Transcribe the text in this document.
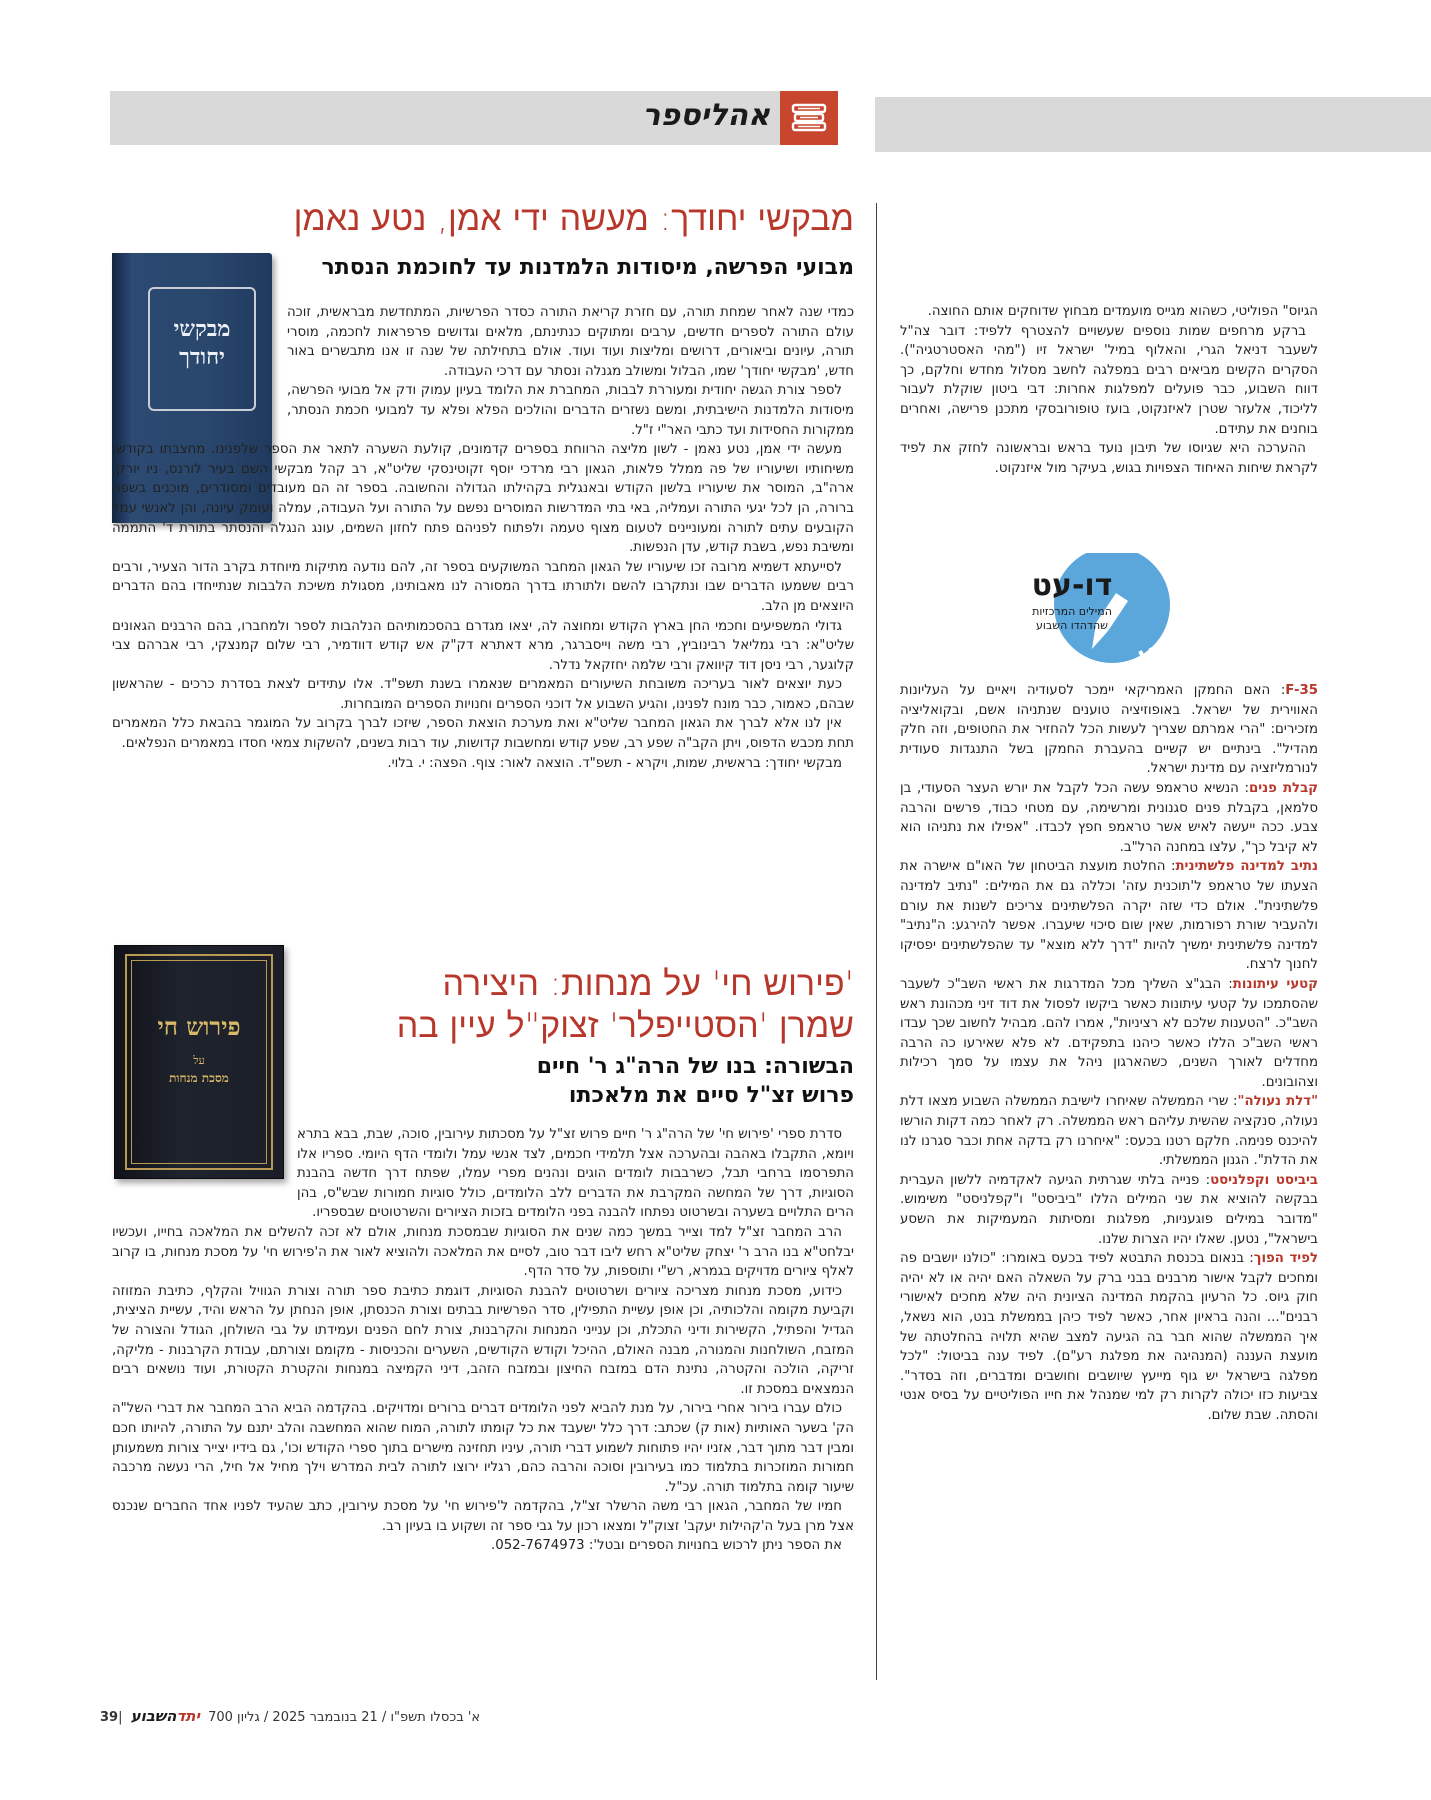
אהליספר
מבקשי יחודך: מעשה ידי אמן, נטע נאמן
מבועי הפרשה, מיסודות הלמדנות עד לחוכמת הנסתר
מבקשי יחודך

כמדי שנה לאחר שמחת תורה, עם חזרת קריאת התורה כסדר הפרשיות, המתחדשת מבראשית, זוכה עולם התורה לספרים חדשים, ערבים ומתוקים כנתינתם, מלאים וגדושים פרפראות לחכמה, מוסרי תורה, עיונים וביאורים, דרושים ומליצות ועוד ועוד. אולם בתחילתה של שנה זו אנו מתבשרים באור חדש, 'מבקשי יחודך' שמו, הבלול ומשולב מגנלה ונסתר עם דרכי העבודה.

לספר צורת הגשה יחודית ומעוררת לבבות, המחברת את הלומד בעיון עמוק ודק אל מבועי הפרשה, מיסודות הלמדנות הישיבתית, ומשם נשזרים הדברים והולכים הפלא ופלא עד למבועי חכמת הנסתר, ממקורות החסידות ועד כתבי האר"י ז"ל.

מעשה ידי אמן, נטע נאמן - לשון מליצה הרווחת בספרים קדמונים, קולעת השערה לתאר את הספר שלפנינו. מחצבתו בקודש, משיחותיו ושיעוריו של פה ממלל פלאות, הגאון רבי מרדכי יוסף זקוטינסקי שליט"א, רב קהל מבקשי השם בעיר לורנס, ניו יורק, ארה"ב, המוסר את שיעוריו בלשון הקודש ובאנגלית בקהילתו הגדולה והחשובה. בספר זה הם מעובדים ומסודרים, מוכנים בשפה ברורה, הן לכל יגעי התורה ועמליה, באי בתי המדרשות המוסרים נפשם על התורה ועל העבודה, עמלה ועומק עיונה, והן לאנשי עמל הקובעים עתים לתורה ומעוניינים לטעום מצוף טעמה ולפתוח לפניהם פתח לחזון השמים, עונג הנגלה והנסתר בתורת ד' התממה ומשיבת נפש, בשבת קודש, עדן הנפשות.

לסייעתא דשמיא מרובה זכו שיעוריו של הגאון המחבר המשוקעים בספר זה, להם נודעה מתיקות מיוחדת בקרב הדור הצעיר, ורבים רבים ששמעו הדברים שבו ונתקרבו להשם ולתורתו בדרך המסורה לנו מאבותינו, מסגולת משיכת הלבבות שנתייחדו בהם הדברים היוצאים מן הלב.

גדולי המשפיעים וחכמי החן בארץ הקודש ומחוצה לה, יצאו מגדרם בהסכמותיהם הנלהבות לספר ולמחברו, בהם הרבנים הגאונים שליט"א: רבי גמליאל רבינוביץ, רבי משה וייסברגר, מרא דאתרא דק"ק אש קודש דוודמיר, רבי שלום קמנצקי, רבי אברהם צבי קלוגער, רבי ניסן דוד קיוואק ורבי שלמה יחזקאל נדלר.

כעת יוצאים לאור בעריכה משובחת השיעורים המאמרים שנאמרו בשנת תשפ"ד. אלו עתידים לצאת בסדרת כרכים - שהראשון שבהם, כאמור, כבר מונח לפנינו, והגיע השבוע אל דוכני הספרים וחנויות הספרים המובחרות.

אין לנו אלא לברך את הגאון המחבר שליט"א ואת מערכת הוצאת הספר, שיזכו לברך בקרוב על המוגמר בהבאת כלל המאמרים תחת מכבש הדפוס, ויתן הקב"ה שפע רב, שפע קודש ומחשבות קדושות, עוד רבות בשנים, להשקות צמאי חסדו במאמרים הנפלאים.

מבקשי יחודך: בראשית, שמות, ויקרא - תשפ"ד. הוצאה לאור: צוף. הפצה: י. בלוי.

'פירוש חי' על מנחות: היצירה
שמרן 'הסטייפלר' זצוק"ל עיין בה
הבשורה: בנו של הרה"ג ר' חיים
פרוש זצ"ל סיים את מלאכתו
פירוש חי
על
מסכת מנחות

סדרת ספרי 'פירוש חי' של הרה"ג ר' חיים פרוש זצ"ל על מסכתות עירובין, סוכה, שבת, בבא בתרא ויומא, התקבלו באהבה ובהערכה אצל תלמידי חכמים, לצד אנשי עמל ולומדי הדף היומי. ספריו אלו התפרסמו ברחבי תבל, כשרבבות לומדים הוגים ונהנים מפרי עמלו, שפתח דרך חדשה בהבנת הסוגיות, דרך של המחשה המקרבת את הדברים ללב הלומדים, כולל סוגיות חמורות שבש"ס, בהן הרים התלויים בשערה ובשרטוט נפתחו להבנה בפני הלומדים בזכות הציורים והשרטוטים שבספריו.

הרב המחבר זצ"ל למד וצייר במשך כמה שנים את הסוגיות שבמסכת מנחות, אולם לא זכה להשלים את המלאכה בחייו, ועכשיו יבלחט"א בנו הרב ר' יצחק שליט"א רחש ליבו דבר טוב, לסיים את המלאכה ולהוציא לאור את ה'פירוש חי' על מסכת מנחות, בו קרוב לאלף ציורים מדויקים בגמרא, רש"י ותוספות, על סדר הדף.

כידוע, מסכת מנחות מצריכה ציורים ושרטוטים להבנת הסוגיות, דוגמת כתיבת ספר תורה וצורת הגוויל והקלף, כתיבת המזוזה וקביעת מקומה והלכותיה, וכן אופן עשיית התפילין, סדר הפרשיות בבתים וצורת הכנסתן, אופן הנחתן על הראש והיד, עשיית הציצית, הגדיל והפתיל, הקשירות ודיני התכלת, וכן ענייני המנחות והקרבנות, צורת לחם הפנים ועמידתו על גבי השולחן, הגודל והצורה של המזבח, השולחנות והמנורה, מבנה האולם, ההיכל וקודש הקודשים, השערים והכניסות - מקומם וצורתם, עבודת הקרבנות - מליקה, זריקה, הולכה והקטרה, נתינת הדם במזבח החיצון ובמזבח הזהב, דיני הקמיצה במנחות והקטרת הקטורת, ועוד נושאים רבים הנמצאים במסכת זו.

כולם עברו בירור אחרי בירור, על מנת להביא לפני הלומדים דברים ברורים ומדויקים. בהקדמה הביא הרב המחבר את דברי השל"ה הק' בשער האותיות (אות ק) שכתב: דרך כלל ישעבד את כל קומתו לתורה, המוח שהוא המחשבה והלב יתנם על התורה, להיותו חכם ומבין דבר מתוך דבר, אזניו יהיו פתוחות לשמוע דברי תורה, עיניו תחזינה מישרים בתוך ספרי הקודש וכו', גם בידיו יצייר צורות משמעותן חמורות המוזכרות בתלמוד כמו בעירובין וסוכה והרבה כהם, רגליו ירוצו לתורה לבית המדרש וילך מחיל אל חיל, הרי נעשה מרכבה שיעור קומה בתלמוד תורה. עכ"ל.

חמיו של המחבר, הגאון רבי משה הרשלר זצ"ל, בהקדמה ל'פירוש חי' על מסכת עירובין, כתב שהעיד לפניו אחד החברים שנכנס אצל מרן בעל ה'קהילות יעקב' זצוק"ל ומצאו רכון על גבי ספר זה ושקוע בו בעיון רב.

את הספר ניתן לרכוש בחנויות הספרים ובטל': 052-7674973.

הגיוס" הפוליטי, כשהוא מגייס מועמדים מבחוץ שדוחקים אותם החוצה.

ברקע מרחפים שמות נוספים שעשויים להצטרף ללפיד: דובר צה"ל לשעבר דניאל הגרי, והאלוף במיל' ישראל זיו ("מהי האסטרטגיה"). הסקרים הקשים מביאים רבים במפלגה לחשב מסלול מחדש וחלקם, כך דווח השבוע, כבר פועלים למפלגות אחרות: דבי ביטון שוקלת לעבור לליכוד, אלעזר שטרן לאיזנקוט, בועז טופורובסקי מתכנן פרישה, ואחרים בוחנים את עתידם.

ההערכה היא שגיוסו של תיבון נועד בראש ובראשונה לחזק את לפיד לקראת שיחות האיחוד הצפויות בגוש, בעיקר מול איזנקוט.

דו-עט
המילים המרכזיות
שהדהדו השבוע

F-35: האם החמקן האמריקאי יימכר לסעודיה ויאיים על העליונות האווירית של ישראל. באופוזיציה טוענים שנתניהו אשם, ובקואליציה מזכירים: "הרי אמרתם שצריך לעשות הכל להחזיר את החטופים, וזה חלק מהדיל". בינתיים יש קשיים בהעברת החמקן בשל התנגדות סעודית לנורמליזציה עם מדינת ישראל.

קבלת פנים: הנשיא טראמפ עשה הכל לקבל את יורש העצר הסעודי, בן סלמאן, בקבלת פנים סגנונית ומרשימה, עם מטחי כבוד, פרשים והרבה צבע. ככה ייעשה לאיש אשר טראמפ חפץ לכבדו. "אפילו את נתניהו הוא לא קיבל כך", עלצו במחנה הרל"ב.

נתיב למדינה פלשתינית: החלטת מועצת הביטחון של האו"ם אישרה את הצעתו של טראמפ ל'תוכנית עזה' וכללה גם את המילים: "נתיב למדינה פלשתינית". אולם כדי שזה יקרה הפלשתינים צריכים לשנות את עורם ולהעביר שורת רפורמות, שאין שום סיכוי שיעברו. אפשר להירגע: ה"נתיב" למדינה פלשתינית ימשיך להיות "דרך ללא מוצא" עד שהפלשתינים יפסיקו לחנוך לרצח.

קטעי עיתונות: הבג"צ השליך מכל המדרגות את ראשי השב"כ לשעבר שהסתמכו על קטעי עיתונות כאשר ביקשו לפסול את דוד זיני מכהונת ראש השב"כ. "הטענות שלכם לא רציניות", אמרו להם. מבהיל לחשוב שכך עבדו ראשי השב"כ הללו כאשר כיהנו בתפקידם. לא פלא שאירעו כה הרבה מחדלים לאורך השנים, כשהארגון ניהל את עצמו על סמך רכילות וצהובונים.

"דלת נעולה": שרי הממשלה שאיחרו לישיבת הממשלה השבוע מצאו דלת נעולה, סנקציה שהשית עליהם ראש הממשלה. רק לאחר כמה דקות הורשו להיכנס פנימה. חלקם רטנו בכעס: "איחרנו רק בדקה אחת וכבר סגרנו לנו את הדלת". הגנון הממשלתי.

ביביסט וקפלניסט: פנייה בלתי שגרתית הגיעה לאקדמיה ללשון העברית בבקשה להוציא את שני המילים הללו "ביביסט" ו"קפלניסט" משימוש. "מדובר במילים פוגעניות, מפלגות ומסיתות המעמיקות את השסע בישראל", נטען. שאלו יהיו הצרות שלנו.

לפיד הפוך: בנאום בכנסת התבטא לפיד בכעס באומרו: "כולנו יושבים פה ומחכים לקבל אישור מרבנים בבני ברק על השאלה האם יהיה או לא יהיה חוק גיוס. כל הרעיון בהקמת המדינה הציונית היה שלא מחכים לאישורי רבנים"... והנה בראיון אחר, כאשר לפיד כיהן בממשלת בנט, הוא נשאל, איך הממשלה שהוא חבר בה הגיעה למצב שהיא תלויה בהחלטתה של מועצת העננה (המנהיגה את מפלגת רע"ם). לפיד ענה בביטול: "לכל מפלגה בישראל יש גוף מייעץ שיושבים וחושבים ומדברים, וזה בסדר". צביעות כזו יכולה לקרות רק למי שמנהל את חייו הפוליטיים על בסיס אנטי והסתה. שבת שלום.

א' בכסלו תשפ"ו / 21 בנובמבר 2025 / גליון 700 יתדהשבוע |39
